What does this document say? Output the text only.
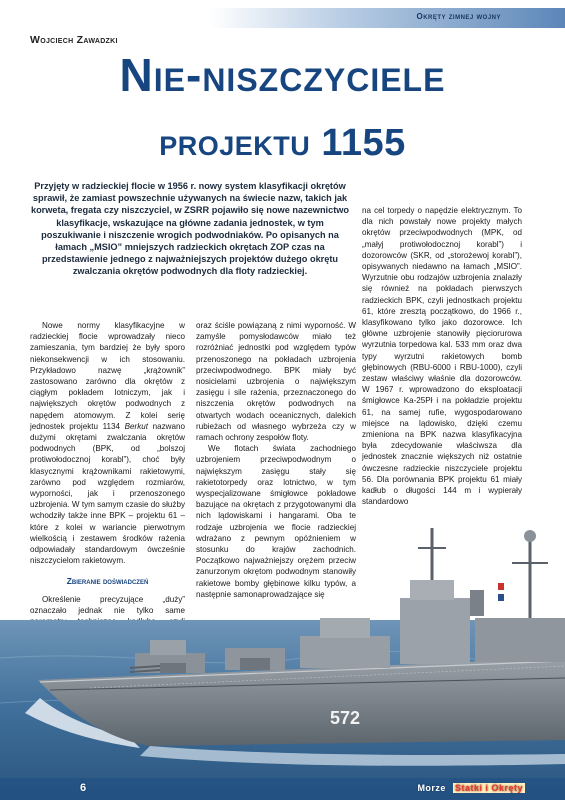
Okręty zimnej wojny
Wojciech Zawadzki
Nie-niszczyciele
projektu 1155

Przyjęty w radzieckiej flocie w 1956 r. nowy system klasyfikacji okrętów sprawił, że zamiast powszechnie używanych na świecie nazw, takich jak korweta, fregata czy niszczyciel, w ZSRR pojawiło się nowe nazewnictwo klasyfikacje, wskazujące na główne zadania jednostek, w tym poszukiwanie i niszczenie wrogich podwodniaków. Po opisanych na łamach „MSIO” mniejszych radzieckich okrętach ZOP czas na przedstawienie jednego z najważniejszych projektów dużego okrętu zwalczania okrętów podwodnych dla floty radzieckiej.

Nowe normy klasyfikacyjne w radzieckiej flocie wprowadzały nieco zamieszania, tym bardziej że były sporo niekonsekwencji w ich stosowaniu. Przykładowo nazwę „krążownik” zastosowano zarówno dla okrętów z ciągłym pokładem lotniczym, jak i największych okrętów podwodnych z napędem atomowym. Z kolei serię jednostek projektu 1134 Berkut nazwano dużymi okrętami zwalczania okrętów podwodnych (BPK, od „bolszoj protiwołodocznoj korabl”), choć były klasycznymi krążownikami rakietowymi, zarówno pod względem rozmiarów, wyporności, jak i przenoszonego uzbrojenia. W tym samym czasie do służby wchodziły także inne BPK – projektu 61 – które z kolei w wariancie pierwotnym wielkością i zestawem środków rażenia odpowiadały standardowym ówcześnie niszczycielom rakietowym.

Zbieranie doświadczeń

Określenie precyzujące „duży” oznaczało jednak nie tylko same

oraz ściśle powiązaną z nimi wyporność. W zamyśle pomysłodawców miało też rozróżniać jednostki pod względem typów przenoszonego na pokładach uzbrojenia przeciwpodwodnego. BPK miały być nosicielami uzbrojenia o największym zasięgu i sile rażenia, przeznaczonego do niszczenia okrętów podwodnych na otwartych wodach oceanicznych, dalekich rubieżach od własnego wybrzeża czy w ramach ochrony zespołów floty.

We flotach świata zachodniego uzbrojeniem przeciwpodwodnym o największym zasięgu stały się rakietotorpedy oraz lotnictwo, w tym wyspecjalizowane śmigłowce pokładowe bazujące na okrętach z przygotowanymi dla nich lądowiskami i hangarami. Oba te rodzaje uzbrojenia we flocie radzieckiej wdrażano z pewnym opóźnieniem w stosunku do krajów zachodnich. Początkowo najważniejszy orężem przeciw zanurzonym okrętom podwodnym stanowiły rakietowe bomby głębinowe kilku typów, a następnie samonaprowadzające się

na cel torpedy o napędzie elektrycznym. To dla nich powstały nowe projekty małych okrętów przeciwpodwodnych (MPK, od „małyj protiwołodocznoj korabl”) i dozorowców (SKR, od „storożewoj korabl”), opisywanych niedawno na łamach „MSIO”. Wyrzutnie obu rodzajów uzbrojenia znalazły się również na pokładach pierwszych radzieckich BPK, czyli jednostkach projektu 61, które zresztą początkowo, do 1966 r., klasyfikowano tylko jako dozorowce. Ich główne uzbrojenie stanowiły pięciorurowa wyrzutnia torpedowa kal. 533 mm oraz dwa typy wyrzutni rakietowych bomb głębinowych (RBU-6000 i RBU-1000), czyli zestaw właściwy właśnie dla dozorowców. W 1967 r. wprowadzono do eksploatacji śmigłowce Ka-25Pł i na pokładzie projektu 61, na samej rufie, wygospodarowano miejsce na lądowisko, dzięki czemu zmieniona na BPK nazwa klasyfikacyjna była zdecydowanie właściwsza dla jednostek znacznie większych niż ostatnie ówczesne radzieckie niszczyciele projektu 56. Dla porównania BPK projektu 61 miały kadłub o długości 144 m i wypierały standardowo

572
6	Morze Statki i Okręty
